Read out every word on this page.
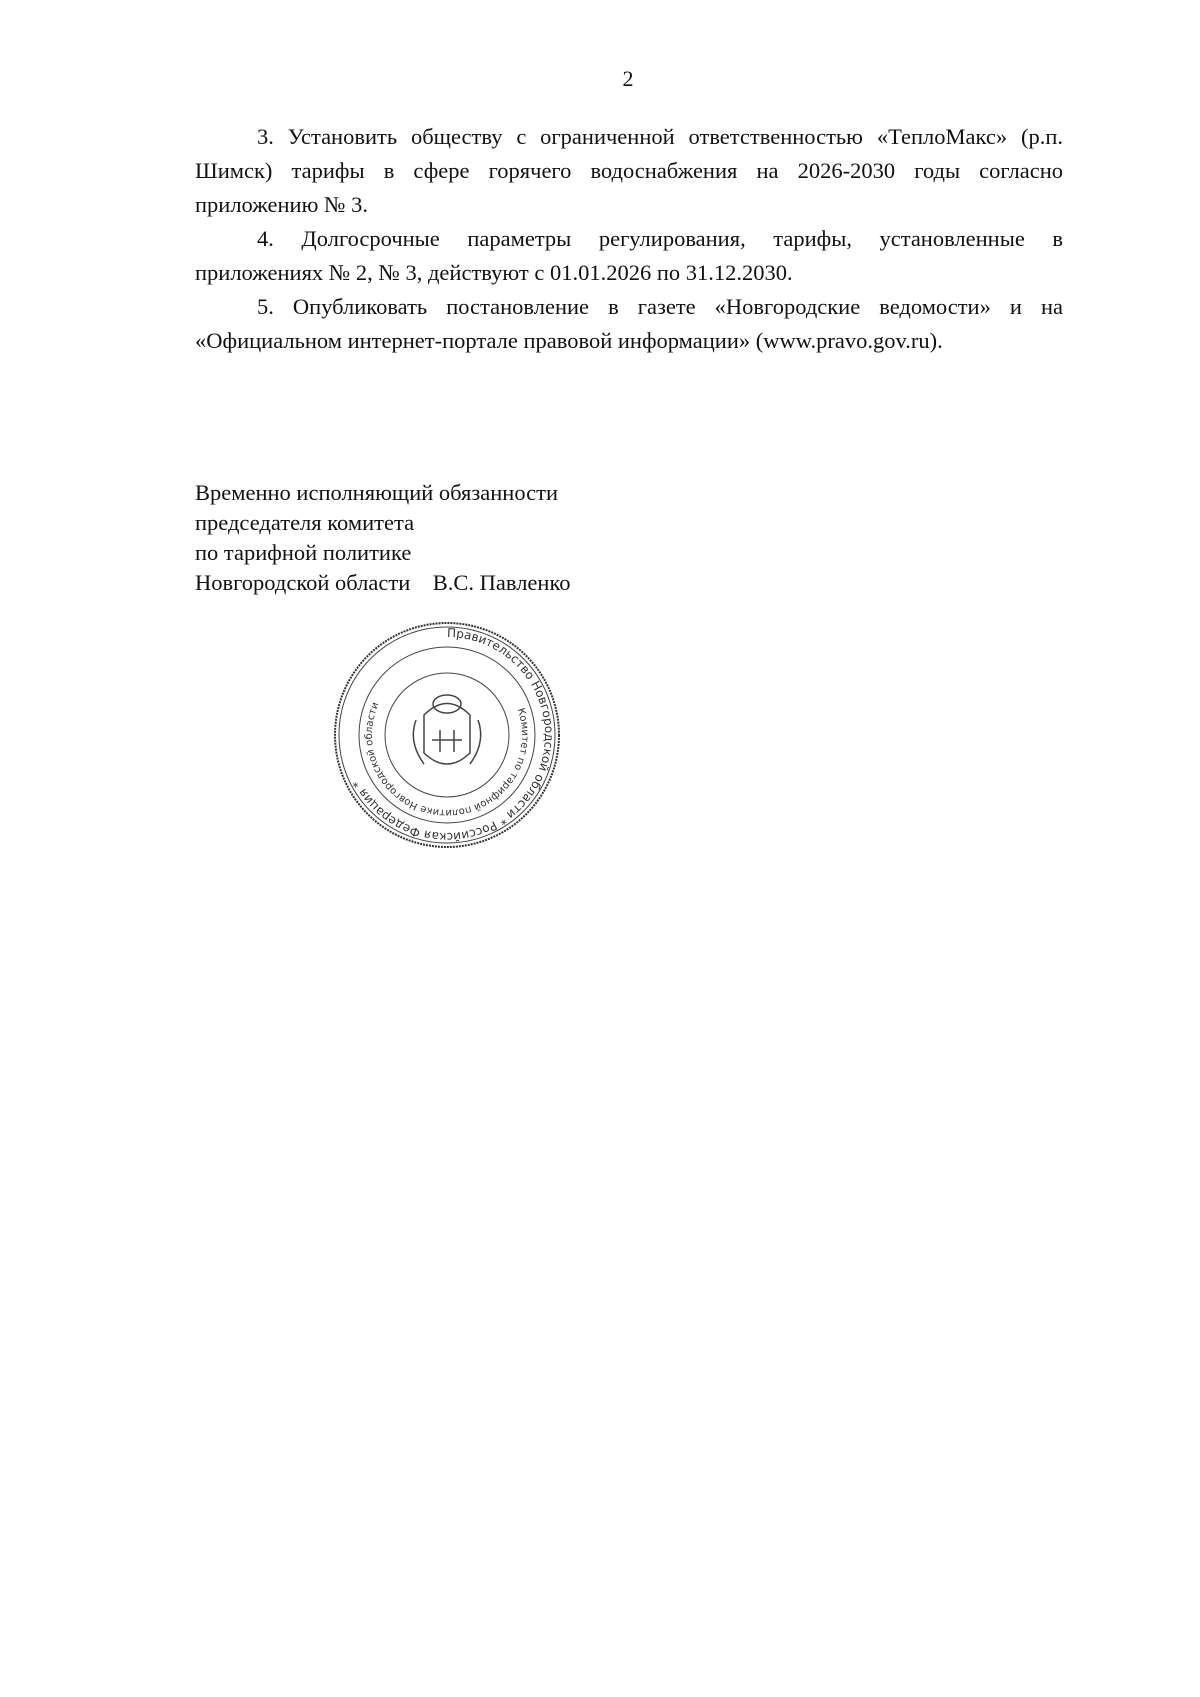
2

3. Установить обществу с ограниченной ответственностью «ТеплоМакс» (р.п. Шимск) тарифы в сфере горячего водоснабжения на 2026-2030 годы согласно приложению № 3.

4. Долгосрочные параметры регулирования, тарифы, установленные в приложениях № 2, № 3, действуют с 01.01.2026 по 31.12.2030.

5. Опубликовать постановление в газете «Новгородские ведомости» и на «Официальном интернет-портале правовой информации» (www.pravo.gov.ru).

Временно исполняющий обязанности
председателя комитета
по тарифной политике
Новгородской области В.С. Павленко
Правительство Новгородской области * Российская Федерация *
Комитет по тарифной политике Новгородской области
